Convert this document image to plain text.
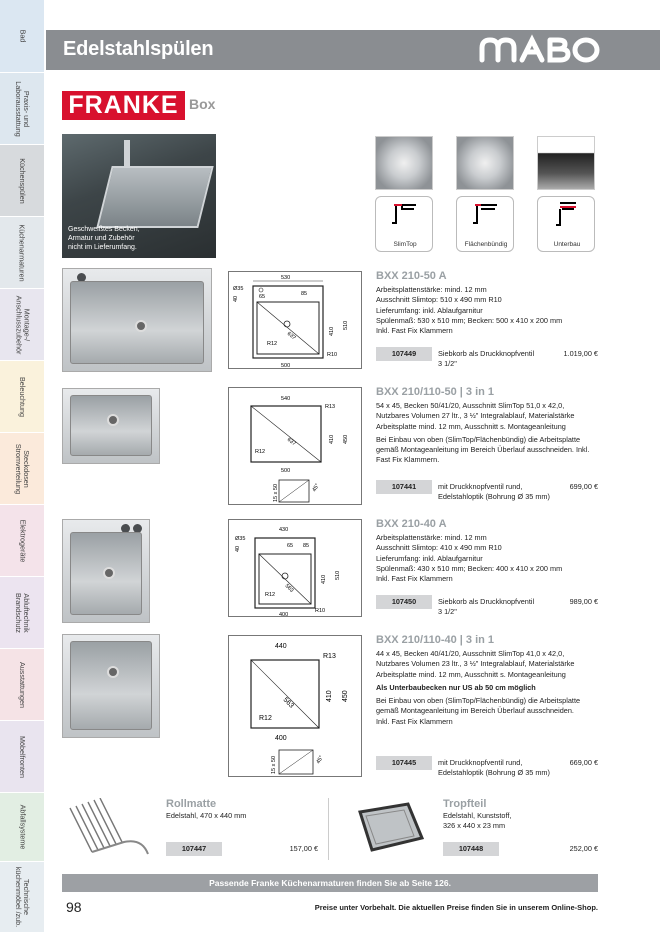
Bad
Praxis- und
Laborausstattung
Küchenspülen
Küchenarmaturen
Montage-/
Anschlusszubehör
Beleuchtung
Steckdosen
Stromverteilung
Elektrogeräte
Abluftechnik
Brandschutz
Ausstattungen
Möbelfronten
Abfallsysteme
Technische
küchenmöbel /zub.
Edelstahlspülen
FRANKE Box
Geschweißtes Becken,
Armatur und Zubehör
nicht im Lieferumfang.	SlimTop	Flächenbündig	Unterbau
530
Ø35
65	85
40
637
R12
R10
410
510
500
BXX 210-50 A
Arbeitsplattenstärke: mind. 12 mm
Ausschnitt Slimtop: 510 x 490 mm R10
Lieferumfang: inkl. Ablaufgarnitur
Spülenmaß: 530 x 510 mm; Becken: 500 x 410 x 200 mm
Inkl. Fast Fix Klammern
107449	Siebkorb als Druckknopfventil
3 1/2"
1.019,00 €
540
R13
637
R12
410 450
500
15 x 50	45°
BXX 210/110-50 | 3 in 1

54 x 45, Becken 50/41/20, Ausschnitt SlimTop 51,0 x 42,0, Nutzbares Volumen 27 ltr., 3 ½" Integralablauf, Materialstärke Arbeitsplatte mind. 12 mm, Ausschnitt s. Montageanleitung

Bei Einbau von oben (SlimTop/Flächenbündig) die Arbeitsplatte gemäß Montageanleitung im Bereich Überlauf ausschneiden. Inkl. Fast Fix Klammern.

107441	mit Druckknopfventil rund,
Edelstahloptik (Bohrung Ø 35 mm)
699,00 €
430
Ø35
65 85
40
563
R12
R10
410 510
400
BXX 210-40 A
Arbeitsplattenstärke: mind. 12 mm
Ausschnitt Slimtop: 410 x 490 mm R10
Lieferumfang: inkl. Ablaufgarnitur
Spülenmaß: 430 x 510 mm; Becken: 400 x 410 x 200 mm
Inkl. Fast Fix Klammern
107450	Siebkorb als Druckknopfventil
3 1/2"
989,00 €
440
R13
563
R12
410 450
400
15 x 50	45°
BXX 210/110-40 | 3 in 1

44 x 45, Becken 40/41/20, Ausschnitt SlimTop 41,0 x 42,0, Nutzbares Volumen 23 ltr., 3 ½" Integralablauf, Materialstärke Arbeitsplatte mind. 12 mm, Ausschnitt s. Montageanleitung

Als Unterbaubecken nur US ab 50 cm möglich

Bei Einbau von oben (SlimTop/Flächenbündig) die Arbeitsplatte gemäß Montageanleitung im Bereich Überlauf ausschneiden.

Inkl. Fast Fix Klammern

107445	mit Druckknopfventil rund,
Edelstahloptik (Bohrung Ø 35 mm)
669,00 €
Rollmatte
Edelstahl, 470 x 440 mm
107447	157,00 €
Tropfteil
Edelstahl, Kunststoff,
326 x 440 x 23 mm
107448	252,00 €
Passende Franke Küchenarmaturen finden Sie ab Seite 126.
98	Preise unter Vorbehalt. Die aktuellen Preise finden Sie in unserem Online-Shop.
